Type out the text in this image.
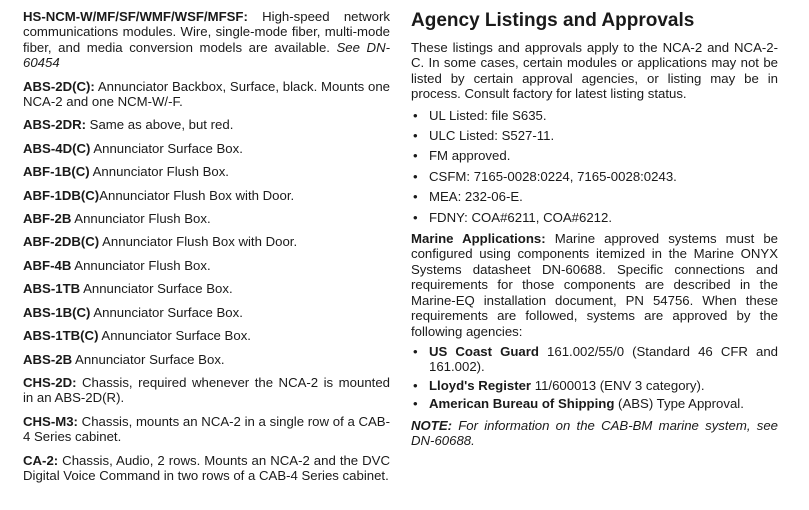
HS-NCM-W/MF/SF/WMF/WSF/MFSF: High-speed network communications modules. Wire, single-mode fiber, multi-mode fiber, and media conversion models are available. See DN-60454

ABS-2D(C): Annunciator Backbox, Surface, black. Mounts one NCA-2 and one NCM-W/-F.

ABS-2DR: Same as above, but red.

ABS-4D(C) Annunciator Surface Box.

ABF-1B(C) Annunciator Flush Box.

ABF-1DB(C)Annunciator Flush Box with Door.

ABF-2B Annunciator Flush Box.

ABF-2DB(C) Annunciator Flush Box with Door.

ABF-4B Annunciator Flush Box.

ABS-1TB Annunciator Surface Box.

ABS-1B(C) Annunciator Surface Box.

ABS-1TB(C) Annunciator Surface Box.

ABS-2B Annunciator Surface Box.

CHS-2D: Chassis, required whenever the NCA-2 is mounted in an ABS-2D(R).

CHS-M3: Chassis, mounts an NCA-2 in a single row of a CAB-4 Series cabinet.

CA-2: Chassis, Audio, 2 rows. Mounts an NCA-2 and the DVC Digital Voice Command in two rows of a CAB-4 Series cabinet.

Agency Listings and Approvals

These listings and approvals apply to the NCA-2 and NCA-2-C. In some cases, certain modules or applications may not be listed by certain approval agencies, or listing may be in process. Consult factory for latest listing status.

• UL Listed: file S635.
• ULC Listed: S527-11.
• FM approved.
• CSFM: 7165-0028:0224, 7165-0028:0243.
• MEA: 232-06-E.
• FDNY: COA#6211, COA#6212.

Marine Applications: Marine approved systems must be configured using components itemized in the Marine ONYX Systems datasheet DN-60688. Specific connections and requirements for those components are described in the Marine-EQ installation document, PN 54756. When these requirements are followed, systems are approved by the following agencies:

• US Coast Guard 161.002/55/0 (Standard 46 CFR and 161.002).
• Lloyd's Register 11/600013 (ENV 3 category).
• American Bureau of Shipping (ABS) Type Approval.

NOTE: For information on the CAB-BM marine system, see DN-60688.
